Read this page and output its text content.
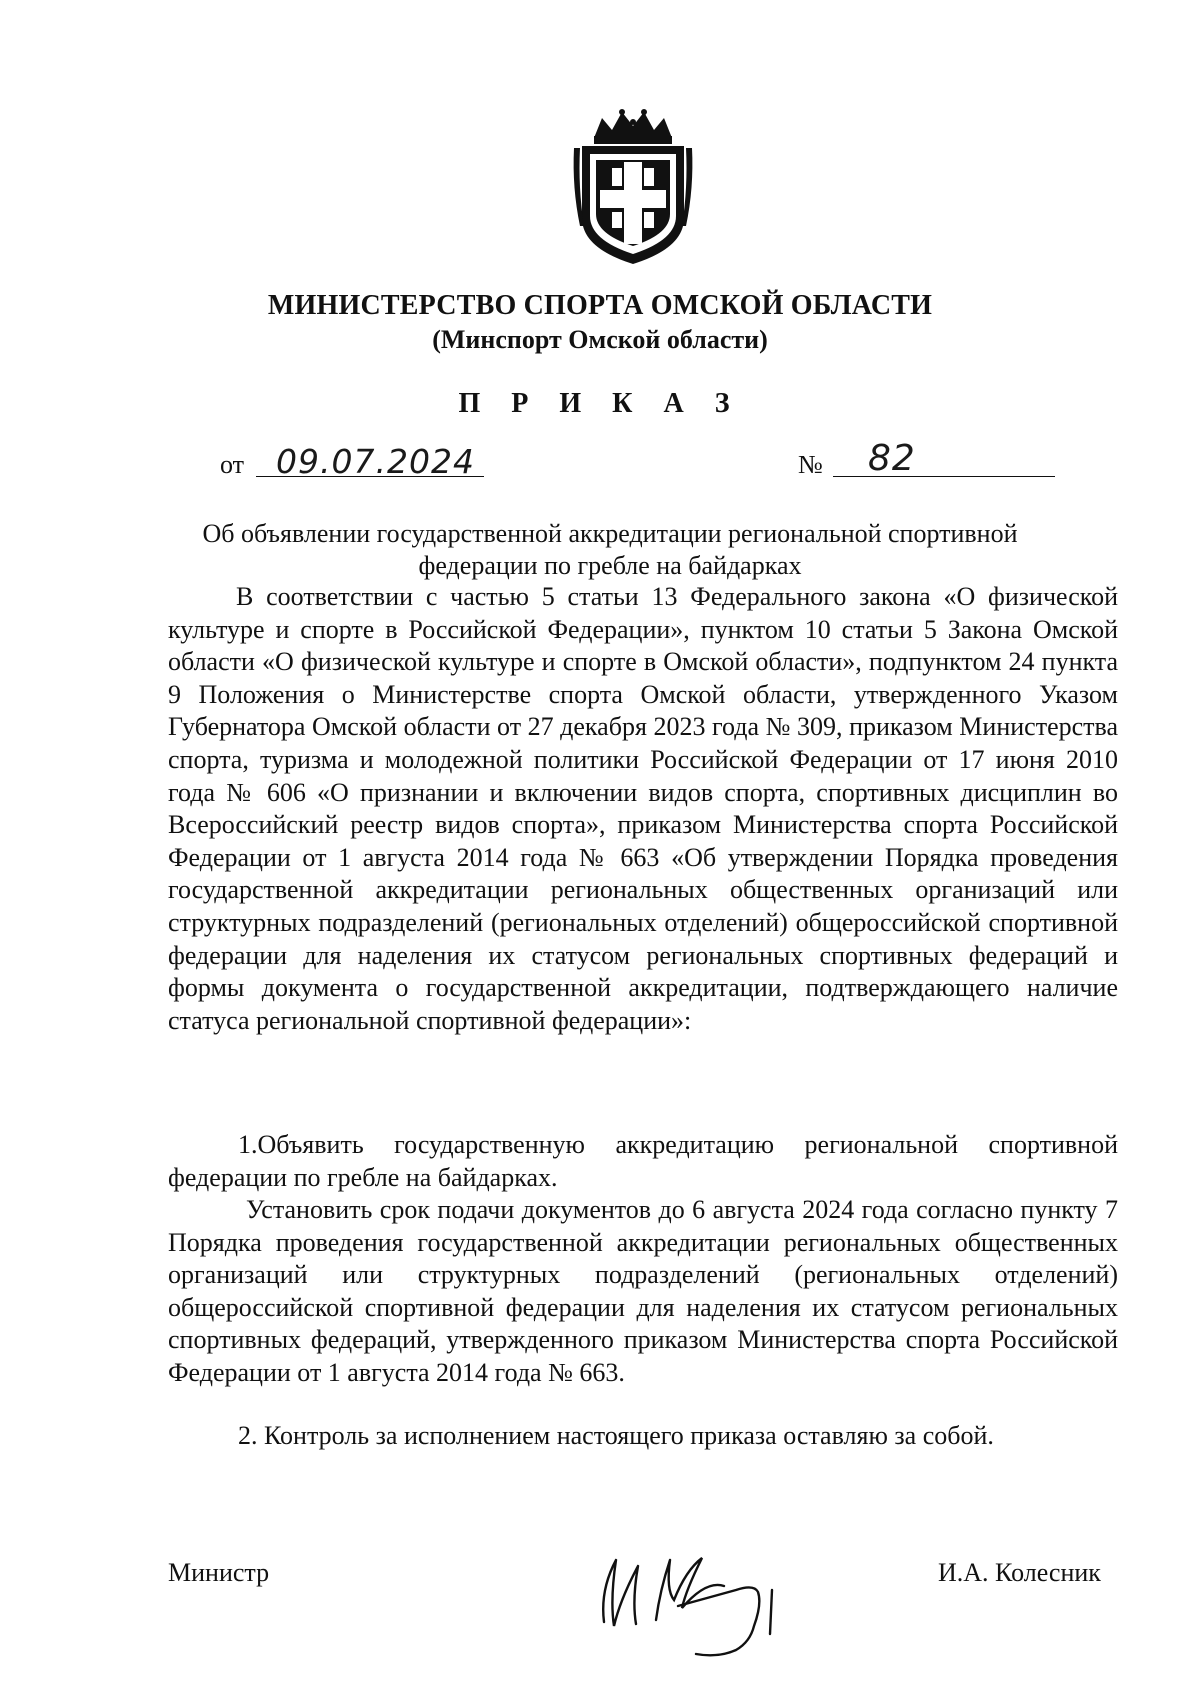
МИНИСТЕРСТВО СПОРТА ОМСКОЙ ОБЛАСТИ
(Минспорт Омской области)
П Р И К А З
от 09.07.2024	№ 82
Об объявлении государственной аккредитации региональной спортивной федерации по гребле на байдарках
В соответствии с частью 5 статьи 13 Федерального закона «О физической культуре и спорте в Российской Федерации», пунктом 10 статьи 5 Закона Омской области «О физической культуре и спорте в Омской области», подпунктом 24 пункта 9 Положения о Министерстве спорта Омской области, утвержденного Указом Губернатора Омской области от 27 декабря 2023 года № 309, приказом Министерства спорта, туризма и молодежной политики Российской Федерации от 17 июня 2010 года № 606 «О признании и включении видов спорта, спортивных дисциплин во Всероссийский реестр видов спорта», приказом Министерства спорта Российской Федерации от 1 августа 2014 года № 663 «Об утверждении Порядка проведения государственной аккредитации региональных общественных организаций или структурных подразделений (региональных отделений) общероссийской спортивной федерации для наделения их статусом региональных спортивных федераций и формы документа о государственной аккредитации, подтверждающего наличие статуса региональной спортивной федерации»:
1.Объявить государственную аккредитацию региональной спортивной федерации по гребле на байдарках.
Установить срок подачи документов до 6 августа 2024 года согласно пункту 7 Порядка проведения государственной аккредитации региональных общественных организаций или структурных подразделений (региональных отделений) общероссийской спортивной федерации для наделения их статусом региональных спортивных федераций, утвержденного приказом Министерства спорта Российской Федерации от 1 августа 2014 года № 663.
2. Контроль за исполнением настоящего приказа оставляю за собой.
Министр	И.А. Колесник
